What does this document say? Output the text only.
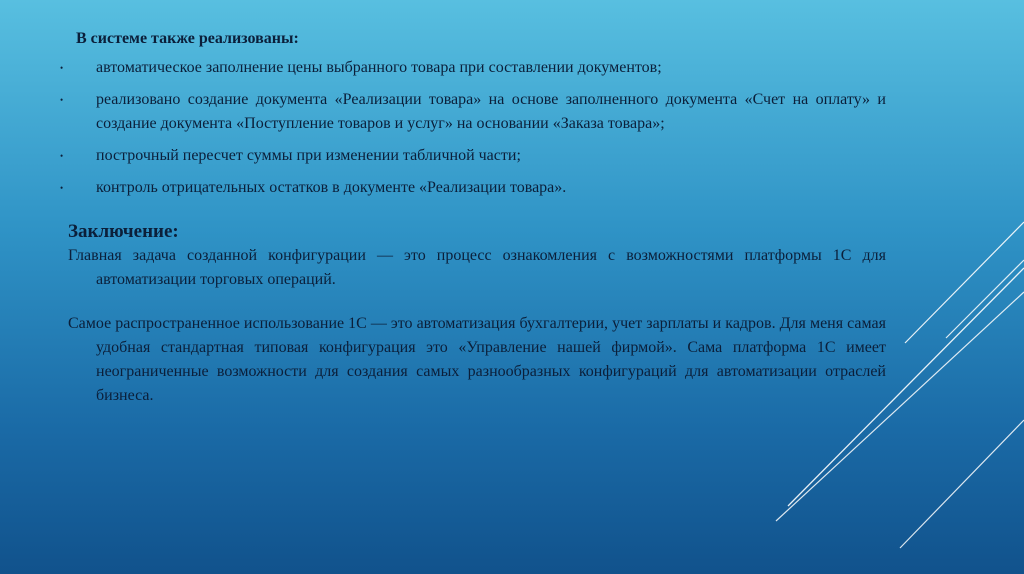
В системе также реализованы:
• автоматическое заполнение цены выбранного товара при составлении документов;
• реализовано создание документа «Реализации товара» на основе заполненного документа «Счет на оплату» и создание документа «Поступление товаров и услуг» на основании «Заказа товара»;
• построчный пересчет суммы при изменении табличной части;
• контроль отрицательных остатков в документе «Реализации товара».
Заключение:

Главная задача созданной конфигурации — это процесс ознакомления с возможностями платформы 1С для автоматизации торговых операций.

Самое распространенное использование 1С — это автоматизация бухгалтерии, учет зарплаты и кадров. Для меня самая удобная стандартная типовая конфигурация это «Управление нашей фирмой». Сама платформа 1С имеет неограниченные возможности для создания самых разнообразных конфигураций для автоматизации отраслей бизнеса.
